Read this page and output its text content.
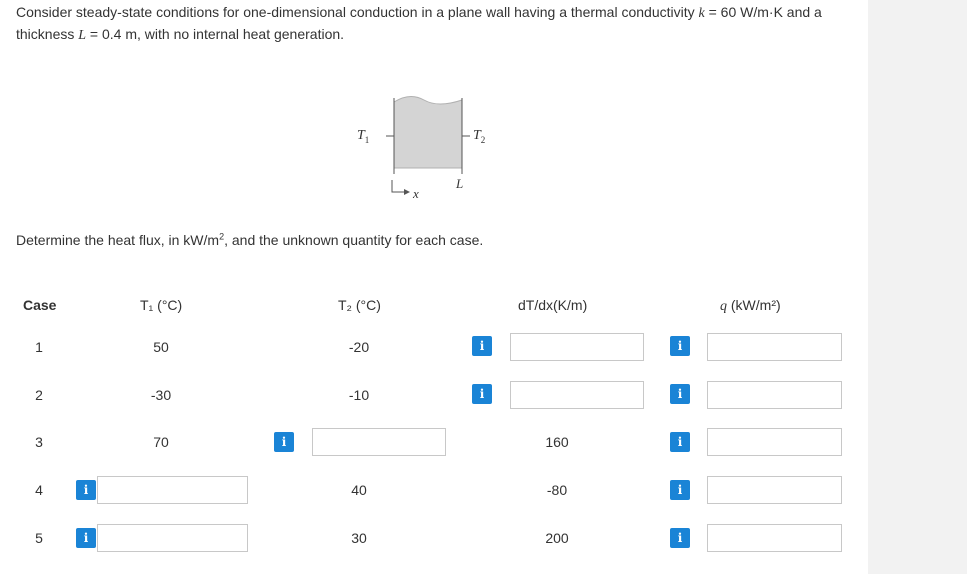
Consider steady-state conditions for one-dimensional conduction in a plane wall having a thermal conductivity k = 60 W/m·K and a
thickness L = 0.4 m, with no internal heat generation.
$T_1$	$T_2$
L
x
Determine the heat flux, in $kW/m^2$, and the unknown quantity for each case.
Case	T₁ (°C)	T₂ (°C)	dT/dx(K/m)	q (kW/m²)
1	50	-20	i	i
2	-30	-10	i	i
3	70	i	160	i
4	i	40	-80	i
5	i	30	200	i
